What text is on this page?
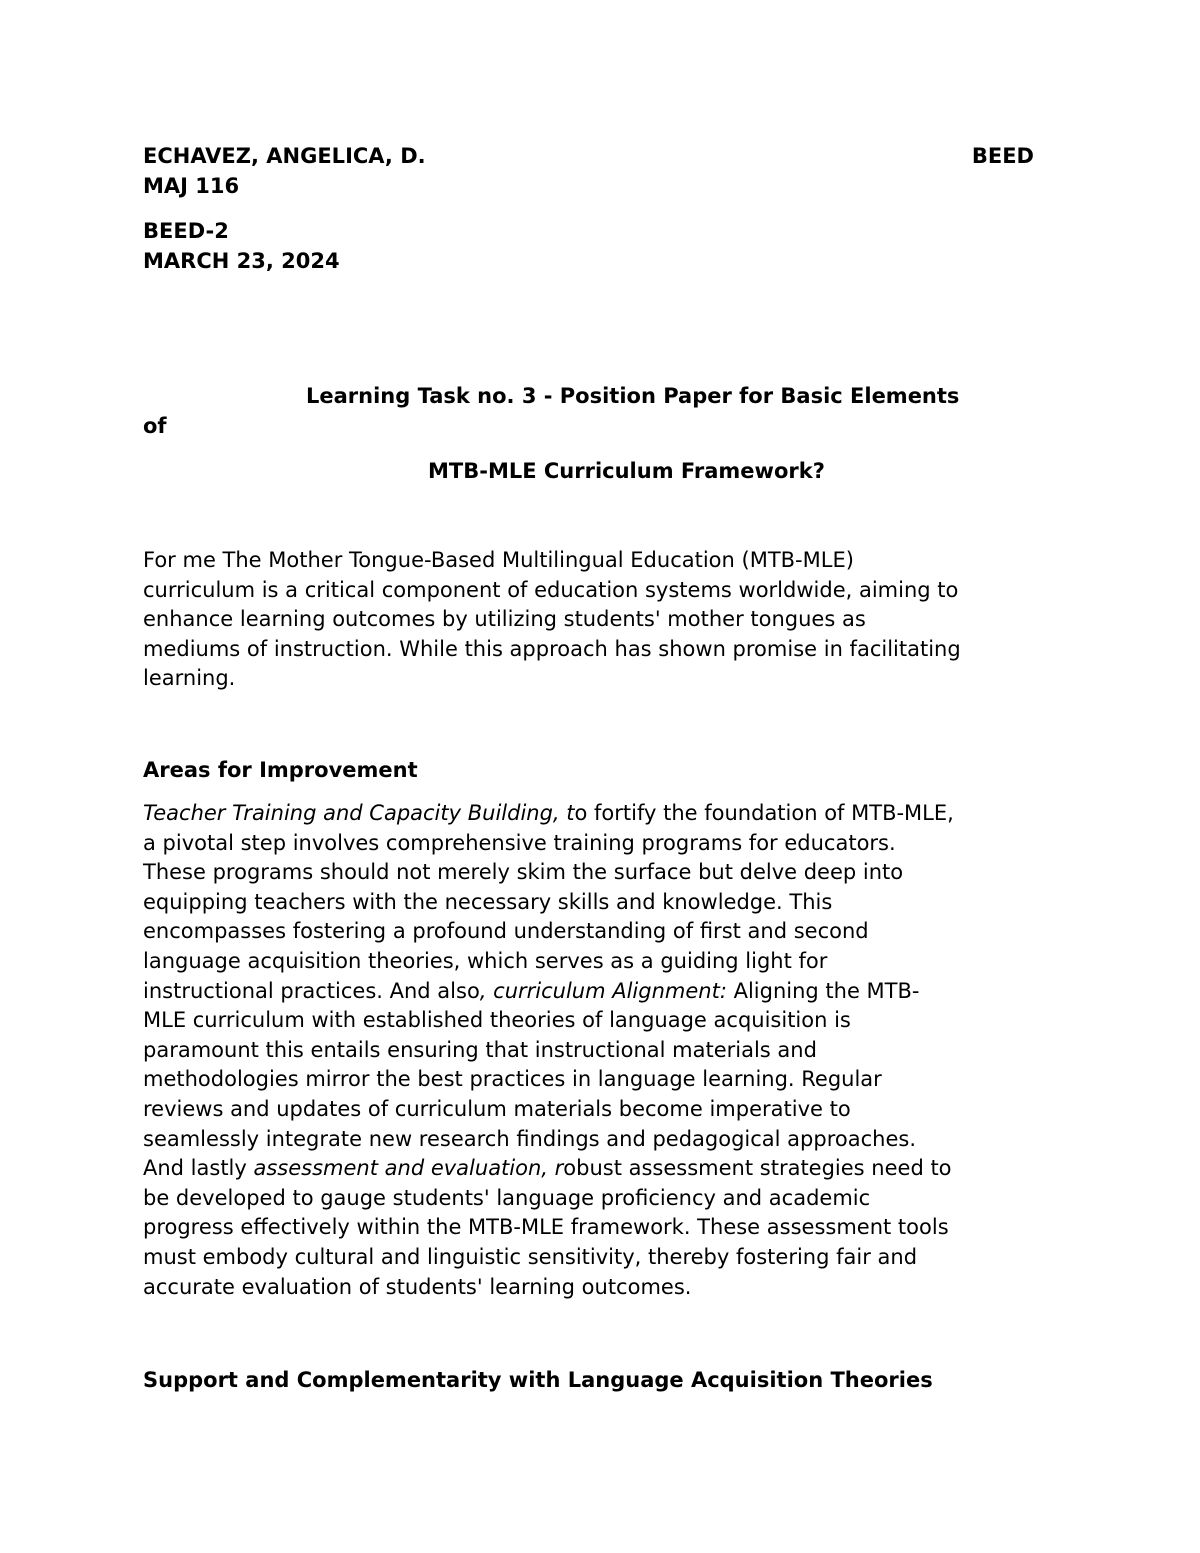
ECHAVEZ, ANGELICA, D.	BEED
MAJ 116
BEED-2
MARCH 23, 2024
Learning Task no. 3 - Position Paper for Basic Elements
of
MTB-MLE Curriculum Framework?

For me The Mother Tongue-Based Multilingual Education (MTB-MLE)

curriculum is a critical component of education systems worldwide, aiming to

enhance learning outcomes by utilizing students' mother tongues as

mediums of instruction. While this approach has shown promise in facilitating

learning.

Areas for Improvement

Teacher Training and Capacity Building, to fortify the foundation of MTB-MLE,

a pivotal step involves comprehensive training programs for educators.

These programs should not merely skim the surface but delve deep into

equipping teachers with the necessary skills and knowledge. This

encompasses fostering a profound understanding of first and second

language acquisition theories, which serves as a guiding light for

instructional practices. And also, curriculum Alignment: Aligning the MTB-

MLE curriculum with established theories of language acquisition is

paramount this entails ensuring that instructional materials and

methodologies mirror the best practices in language learning. Regular

reviews and updates of curriculum materials become imperative to

seamlessly integrate new research findings and pedagogical approaches.

And lastly assessment and evaluation, robust assessment strategies need to

be developed to gauge students' language proficiency and academic

progress effectively within the MTB-MLE framework. These assessment tools

must embody cultural and linguistic sensitivity, thereby fostering fair and

accurate evaluation of students' learning outcomes.

Support and Complementarity with Language Acquisition Theories
